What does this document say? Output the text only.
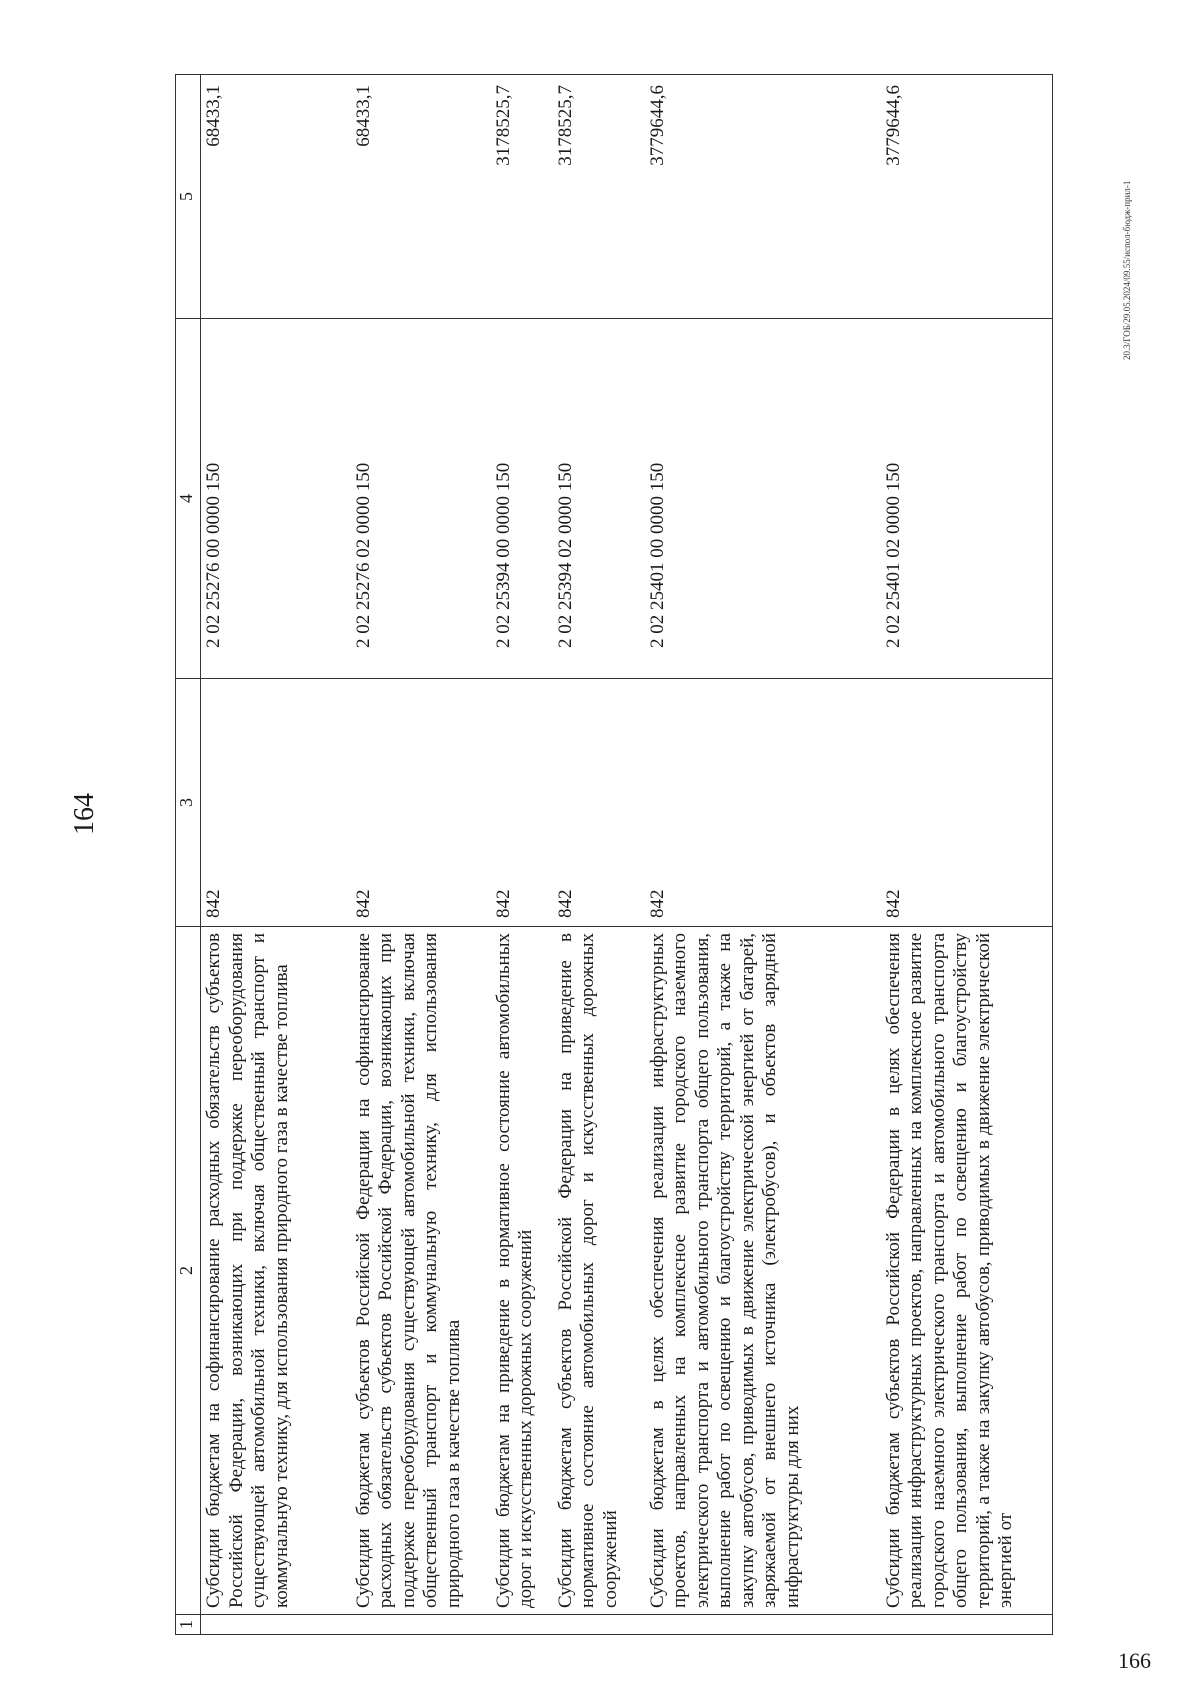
164
20.3/ГОБ/29.05.2024/09.55/испол-бюдж-прил-1
166
1	2	3	4	5
	Субсидии бюджетам на софинансирование расходных обязательств субъектов Российской Федерации, возникающих при поддержке переоборудования существующей автомобильной техники, включая общественный транспорт и коммунальную технику, для использования природного газа в качестве топлива	842	2 02 25276 00 0000 150	68433,1
	Субсидии бюджетам субъектов Российской Федерации на софинансирование расходных обязательств субъектов Российской Федерации, возникающих при поддержке переоборудования существующей автомобильной техники, включая общественный транспорт и коммунальную технику, для использования природного газа в качестве топлива	842	2 02 25276 02 0000 150	68433,1
	Субсидии бюджетам на приведение в нормативное состояние автомобильных дорог и искусственных дорожных сооружений	842	2 02 25394 00 0000 150	3178525,7
	Субсидии бюджетам субъектов Российской Федерации на приведение в нормативное состояние автомобильных дорог и искусственных дорожных сооружений	842	2 02 25394 02 0000 150	3178525,7
	Субсидии бюджетам в целях обеспечения реализации инфраструктурных проектов, направленных на комплексное развитие городского наземного электрического транспорта и автомобильного транспорта общего пользования, выполнение работ по освещению и благоустройству территорий, а также на закупку автобусов, приводимых в движение электрической энергией от батарей, заряжаемой от внешнего источника (электробусов), и объектов зарядной инфраструктуры для них	842	2 02 25401 00 0000 150	3779644,6
	Субсидии бюджетам субъектов Российской Федерации в целях обеспечения реализации инфраструктурных проектов, направленных на комплексное развитие городского наземного электрического транспорта и автомобильного транспорта общего пользования, выполнение работ по освещению и благоустройству территорий, а также на закупку автобусов, приводимых в движение электрической энергией от	842	2 02 25401 02 0000 150	3779644,6
